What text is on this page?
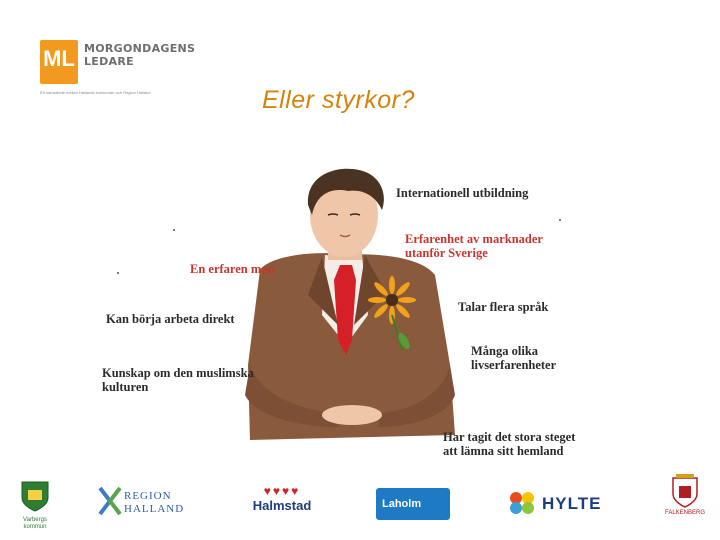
ML MORGONDAGENS
LEDARE
Ett samarbete mellan Hallands kommuner och Region Halland	Eller styrkor?
Internationell utbildning
Erfarenhet av marknader
utanför Sverige
En erfaren man
Talar flera språk
Kan börja arbeta direkt
Många olika
livserfarenheter
Kunskap om den muslimska
kulturen
Har tagit det stora steget
att lämna sitt hemland
Varbergs kommun
REGION
HALLAND
♥♥♥♥
Halmstad	Laholm	HYLTE	FALKENBERG
